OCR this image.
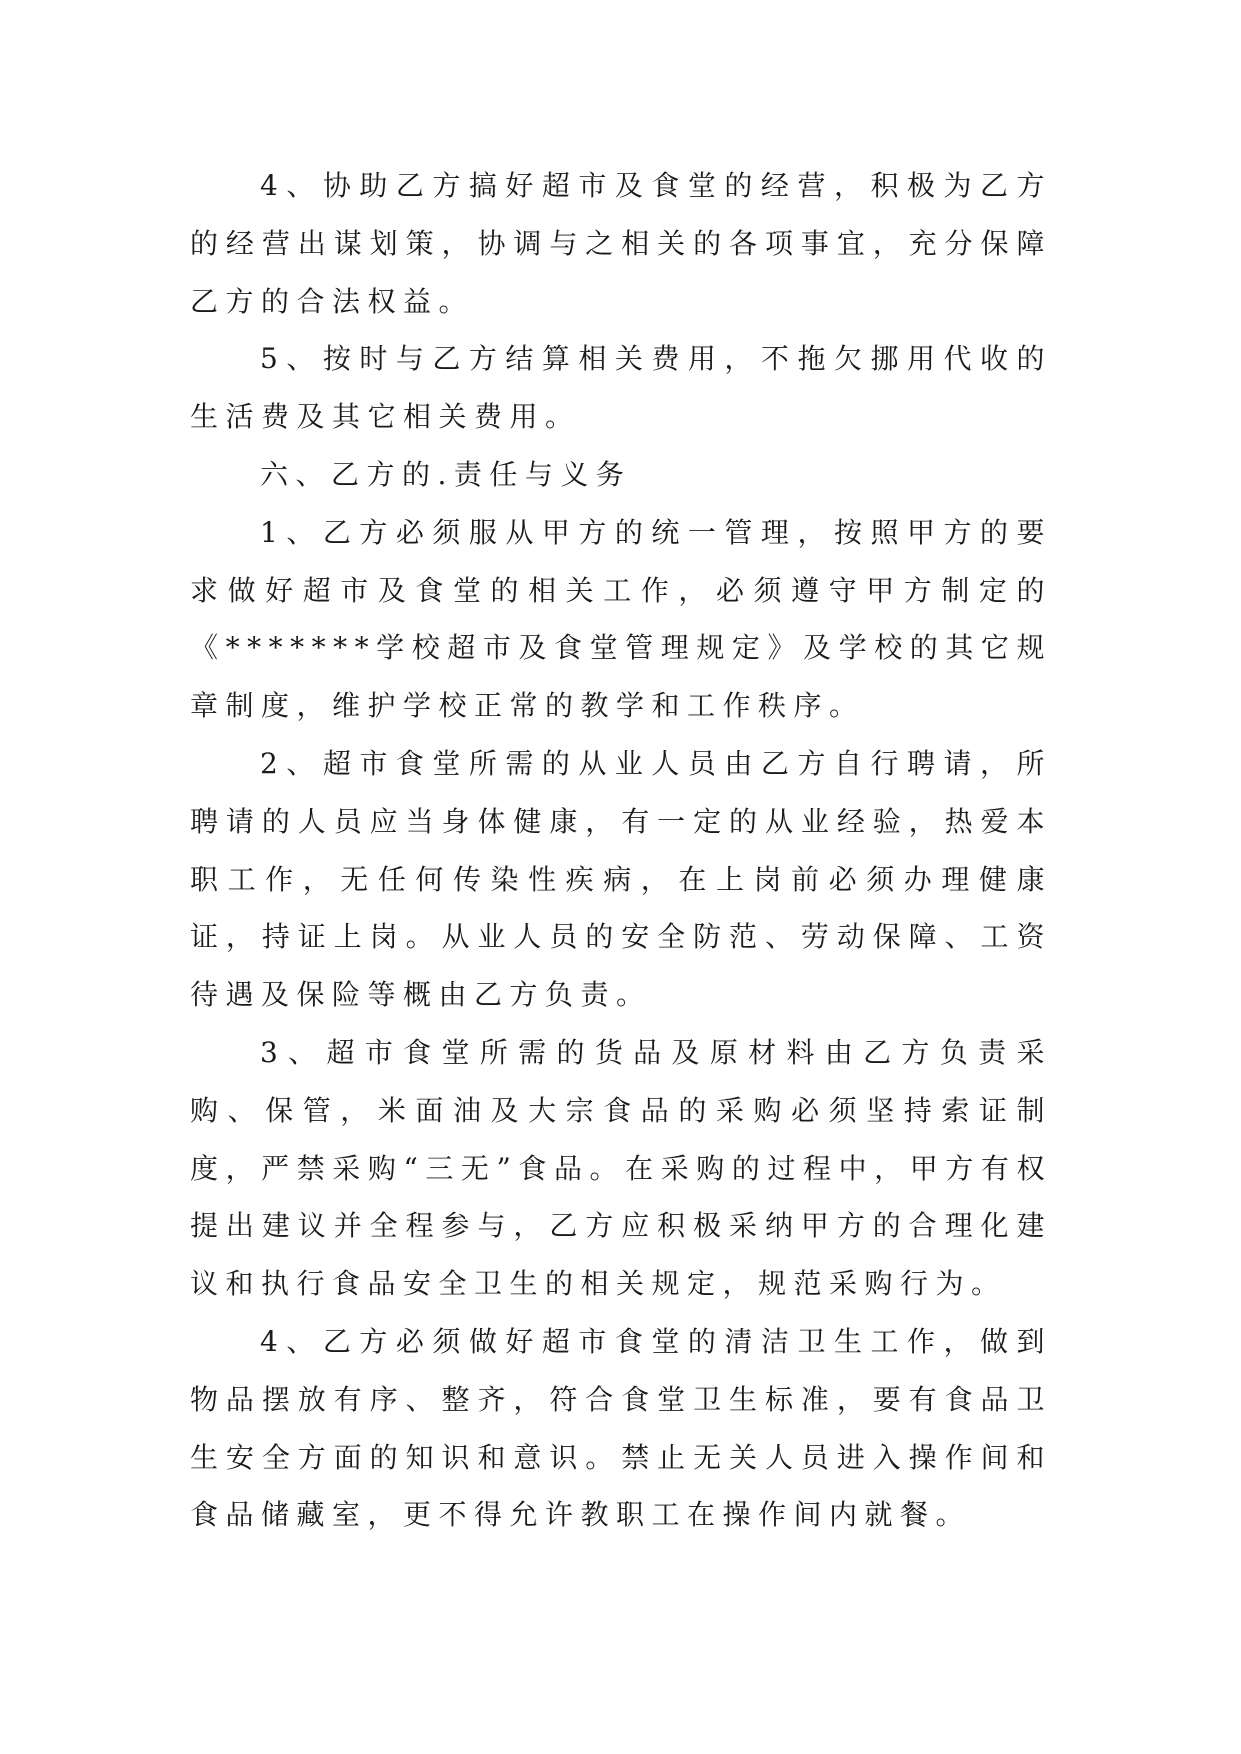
4、协助乙方搞好超市及食堂的经营，积极为乙方的经营出谋划策，协调与之相关的各项事宜，充分保障乙方的合法权益。

5、按时与乙方结算相关费用，不拖欠挪用代收的生活费及其它相关费用。

六、乙方的.责任与义务

1、乙方必须服从甲方的统一管理，按照甲方的要求做好超市及食堂的相关工作，必须遵守甲方制定的《*******学校超市及食堂管理规定》及学校的其它规章制度，维护学校正常的教学和工作秩序。

2、超市食堂所需的从业人员由乙方自行聘请，所聘请的人员应当身体健康，有一定的从业经验，热爱本职工作，无任何传染性疾病，在上岗前必须办理健康证，持证上岗。从业人员的安全防范、劳动保障、工资待遇及保险等概由乙方负责。

3、超市食堂所需的货品及原材料由乙方负责采购、保管，米面油及大宗食品的采购必须坚持索证制度，严禁采购“三无”食品。在采购的过程中，甲方有权提出建议并全程参与，乙方应积极采纳甲方的合理化建议和执行食品安全卫生的相关规定，规范采购行为。

4、乙方必须做好超市食堂的清洁卫生工作，做到物品摆放有序、整齐，符合食堂卫生标准，要有食品卫生安全方面的知识和意识。禁止无关人员进入操作间和食品储藏室，更不得允许教职工在操作间内就餐。
